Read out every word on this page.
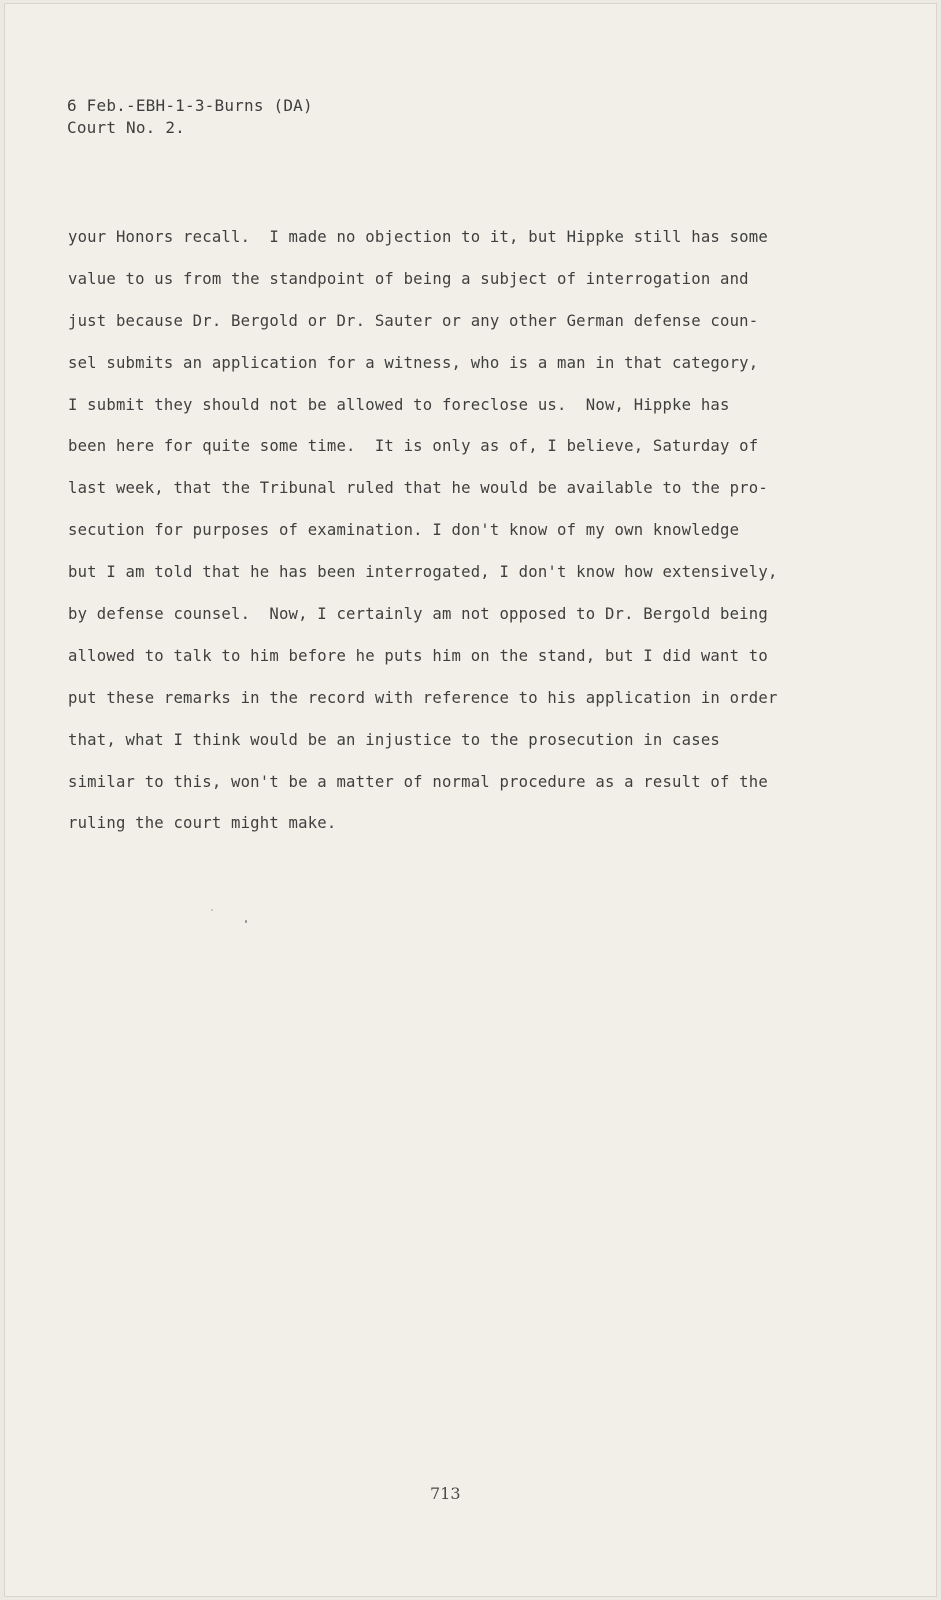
6 Feb.-EBH-1-3-Burns (DA)
Court No. 2.
your Honors recall.  I made no objection to it, but Hippke still has some
value to us from the standpoint of being a subject of interrogation and
just because Dr. Bergold or Dr. Sauter or any other German defense coun-
sel submits an application for a witness, who is a man in that category,
I submit they should not be allowed to foreclose us.  Now, Hippke has
been here for quite some time.  It is only as of, I believe, Saturday of
last week, that the Tribunal ruled that he would be available to the pro-
secution for purposes of examination. I don't know of my own knowledge
but I am told that he has been interrogated, I don't know how extensively,
by defense counsel.  Now, I certainly am not opposed to Dr. Bergold being
allowed to talk to him before he puts him on the stand, but I did want to
put these remarks in the record with reference to his application in order
that, what I think would be an injustice to the prosecution in cases
similar to this, won't be a matter of normal procedure as a result of the
ruling the court might make.
713
